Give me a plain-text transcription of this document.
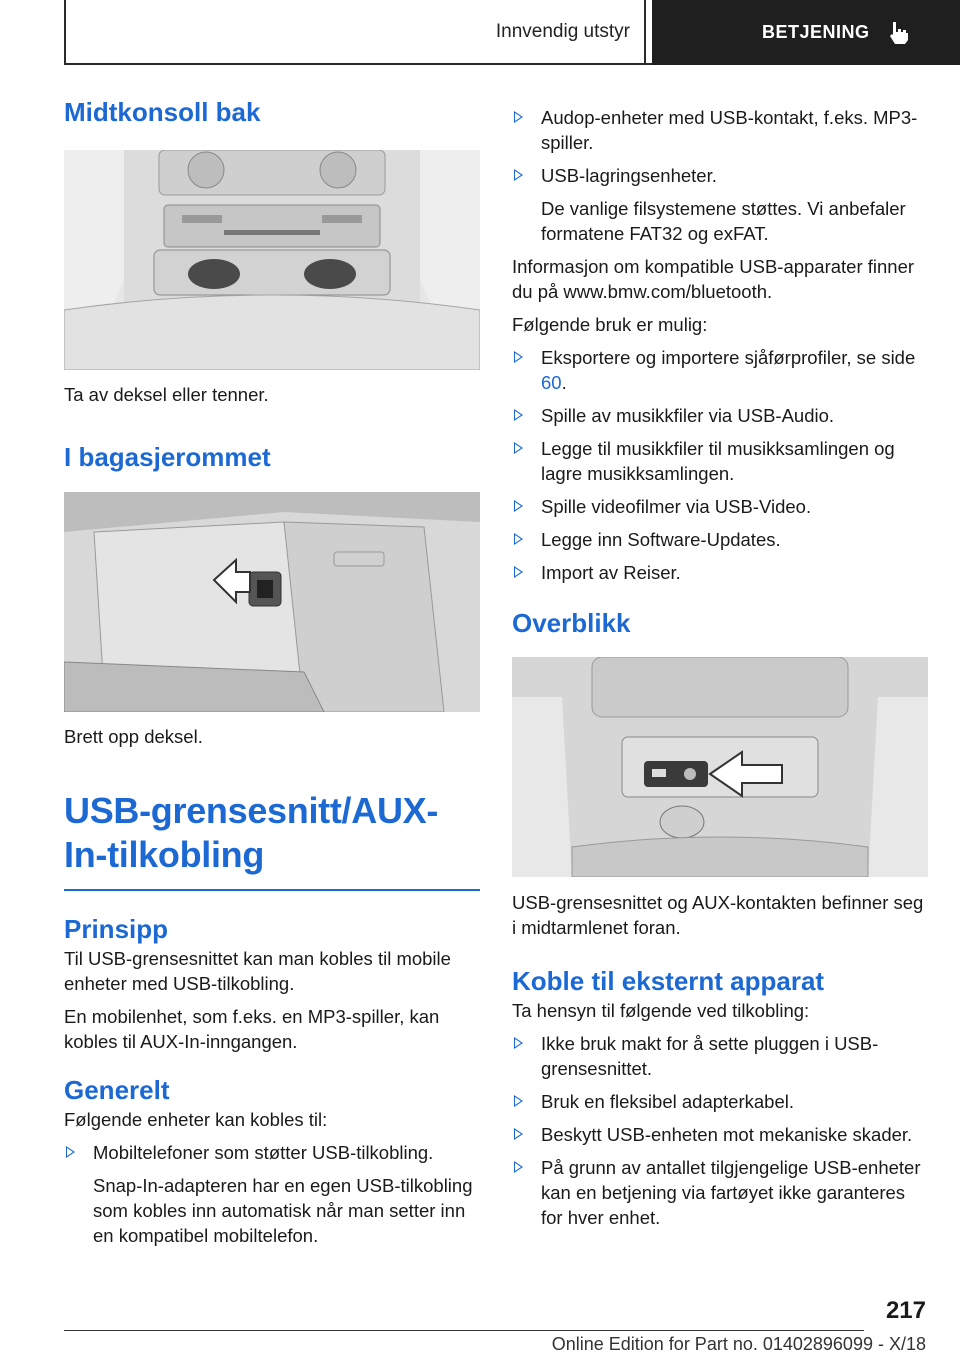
Innvendig utstyr	BETJENING
Midtkonsoll bak

Ta av deksel eller tenner.

I bagasjerommet

Brett opp deksel.

USB-grensesnitt/AUX-In-tilkobling
Prinsipp

Til USB-grensesnittet kan man kobles til mobile enheter med USB-tilkobling.

En mobilenhet, som f.eks. en MP3-spiller, kan kobles til AUX-In-inngangen.

Generelt

Følgende enheter kan kobles til:

Mobiltelefoner som støtter USB-tilkobling.
Snap-In-adapteren har en egen USB-tilkobling som kobles inn automatisk når man setter inn en kompatibel mobiltelefon.
Audop-enheter med USB-kontakt, f.eks. MP3-spiller.
USB-lagringsenheter.
De vanlige filsystemene støttes. Vi anbefaler formatene FAT32 og exFAT.

Informasjon om kompatible USB-apparater finner du på www.bmw.com/bluetooth.

Følgende bruk er mulig:

Eksportere og importere sjåførprofiler, se side 60.
Spille av musikkfiler via USB-Audio.
Legge til musikkfiler til musikksamlingen og lagre musikksamlingen.
Spille videofilmer via USB-Video.
Legge inn Software-Updates.
Import av Reiser.
Overblikk

USB-grensesnittet og AUX-kontakten befinner seg i midtarmlenet foran.

Koble til eksternt apparat

Ta hensyn til følgende ved tilkobling:

Ikke bruk makt for å sette pluggen i USB-grensesnittet.
Bruk en fleksibel adapterkabel.
Beskytt USB-enheten mot mekaniske skader.
På grunn av antallet tilgjengelige USB-enheter kan en betjening via fartøyet ikke garanteres for hver enhet.
217
Online Edition for Part no. 01402896099 - X/18
